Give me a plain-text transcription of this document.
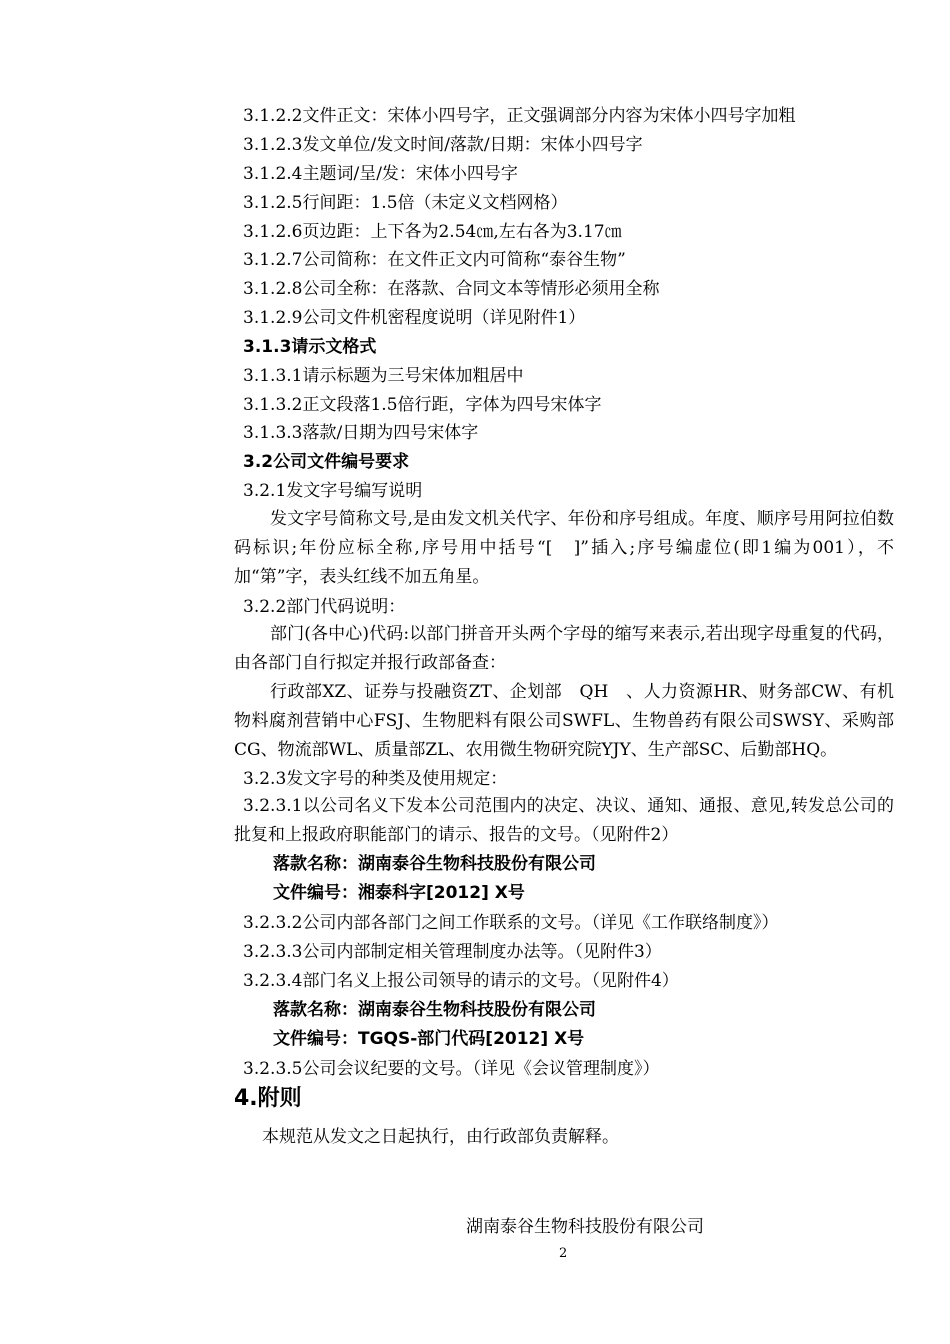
3.1.2.2文件正文：宋体小四号字，正文强调部分内容为宋体小四号字加粗

3.1.2.3发文单位/发文时间/落款/日期：宋体小四号字

3.1.2.4主题词/呈/发：宋体小四号字

3.1.2.5行间距：1.5倍（未定义文档网格）

3.1.2.6页边距：上下各为2.54㎝,左右各为3.17㎝

3.1.2.7公司简称：在文件正文内可简称“泰谷生物”

3.1.2.8公司全称：在落款、合同文本等情形必须用全称

3.1.2.9公司文件机密程度说明（详见附件1）

3.1.3请示文格式

3.1.3.1请示标题为三号宋体加粗居中

3.1.3.2正文段落1.5倍行距，字体为四号宋体字

3.1.3.3落款/日期为四号宋体字

3.2公司文件编号要求

3.2.1发文字号编写说明

发文字号简称文号,是由发文机关代字、年份和序号组成。年度、顺序号用阿拉伯数码标识;年份应标全称,序号用中括号“[　]”插入;序号编虚位(即1编为001），不加“第”字，表头红线不加五角星。

3.2.2部门代码说明：

部门(各中心)代码:以部门拼音开头两个字母的缩写来表示,若出现字母重复的代码，由各部门自行拟定并报行政部备查：

行政部XZ、证券与投融资ZT、企划部　QH　、人力资源HR、财务部CW、有机物料腐剂营销中心FSJ、生物肥料有限公司SWFL、生物兽药有限公司SWSY、采购部CG、物流部WL、质量部ZL、农用微生物研究院YJY、生产部SC、后勤部HQ。

3.2.3发文字号的种类及使用规定：

3.2.3.1以公司名义下发本公司范围内的决定、决议、通知、通报、意见,转发总公司的批复和上报政府职能部门的请示、报告的文号。（见附件2）

落款名称：湖南泰谷生物科技股份有限公司

文件编号：湘泰科字[2012] X号

3.2.3.2公司内部各部门之间工作联系的文号。（详见《工作联络制度》）

3.2.3.3公司内部制定相关管理制度办法等。（见附件3）

3.2.3.4部门名义上报公司领导的请示的文号。（见附件4）

落款名称：湖南泰谷生物科技股份有限公司

文件编号：TGQS-部门代码[2012] X号

3.2.3.5公司会议纪要的文号。（详见《会议管理制度》）

4.附则

本规范从发文之日起执行，由行政部负责解释。

湖南泰谷生物科技股份有限公司
2
